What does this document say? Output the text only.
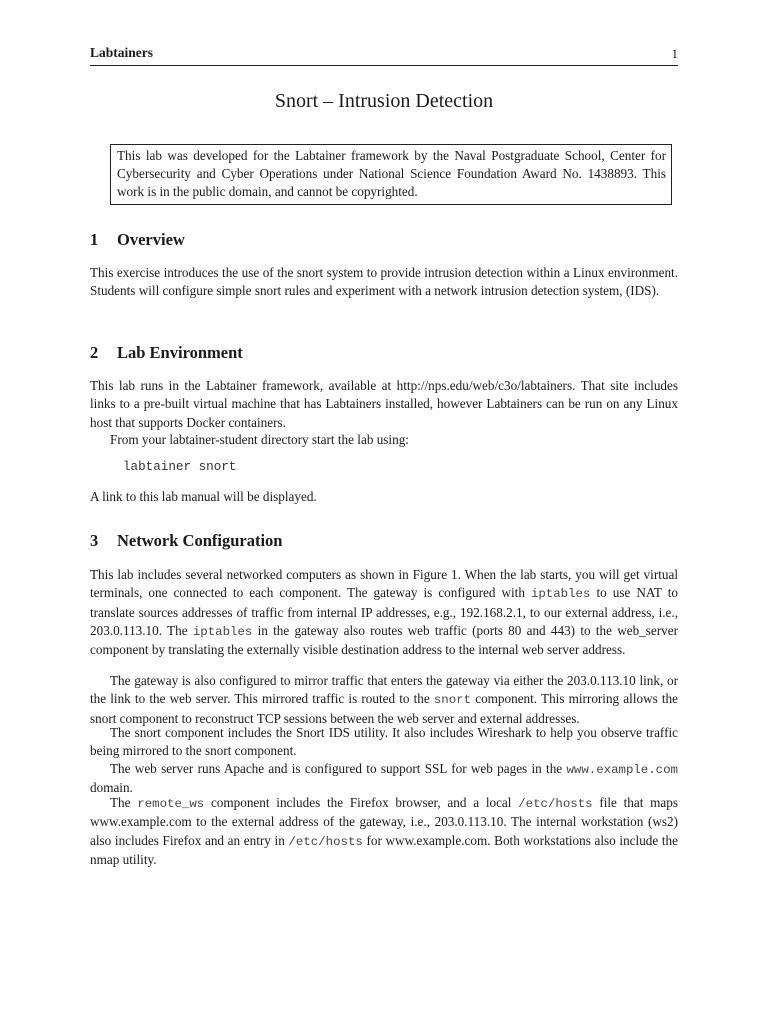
Labtainers	1
Snort – Intrusion Detection
This lab was developed for the Labtainer framework by the Naval Postgraduate School, Center for Cybersecurity and Cyber Operations under National Science Foundation Award No. 1438893. This work is in the public domain, and cannot be copyrighted.
1 Overview
This exercise introduces the use of the snort system to provide intrusion detection within a Linux environment. Students will configure simple snort rules and experiment with a network intrusion detection system, (IDS).
2 Lab Environment
This lab runs in the Labtainer framework, available at http://nps.edu/web/c3o/labtainers. That site includes links to a pre-built virtual machine that has Labtainers installed, however Labtainers can be run on any Linux host that supports Docker containers.
From your labtainer-student directory start the lab using:
labtainer snort
A link to this lab manual will be displayed.
3 Network Configuration
This lab includes several networked computers as shown in Figure 1. When the lab starts, you will get virtual terminals, one connected to each component. The gateway is configured with iptables to use NAT to translate sources addresses of traffic from internal IP addresses, e.g., 192.168.2.1, to our external address, i.e., 203.0.113.10. The iptables in the gateway also routes web traffic (ports 80 and 443) to the web_server component by translating the externally visible destination address to the internal web server address.
The gateway is also configured to mirror traffic that enters the gateway via either the 203.0.113.10 link, or the link to the web server. This mirrored traffic is routed to the snort component. This mirroring allows the snort component to reconstruct TCP sessions between the web server and external addresses.
The snort component includes the Snort IDS utility. It also includes Wireshark to help you observe traffic being mirrored to the snort component.
The web server runs Apache and is configured to support SSL for web pages in the www.example.com domain.
The remote_ws component includes the Firefox browser, and a local /etc/hosts file that maps www.example.com to the external address of the gateway, i.e., 203.0.113.10. The internal workstation (ws2) also includes Firefox and an entry in /etc/hosts for www.example.com. Both workstations also include the nmap utility.
